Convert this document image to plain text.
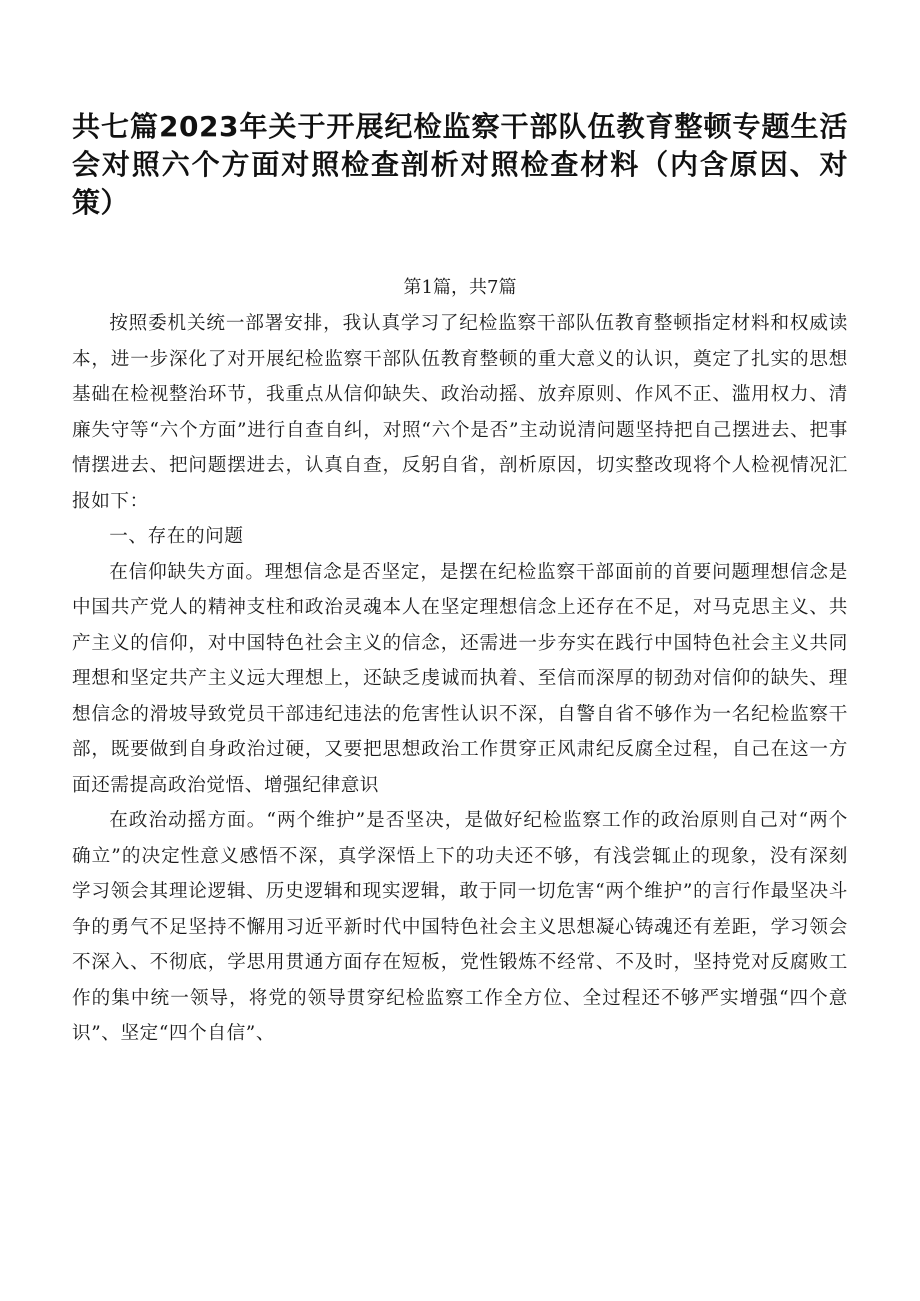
共七篇2023年关于开展纪检监察干部队伍教育整顿专题生活会对照六个方面对照检查剖析对照检查材料（内含原因、对策）

第1篇，共7篇

按照委机关统一部署安排，我认真学习了纪检监察干部队伍教育整顿指定材料和权威读本，进一步深化了对开展纪检监察干部队伍教育整顿的重大意义的认识，奠定了扎实的思想基础在检视整治环节，我重点从信仰缺失、政治动摇、放弃原则、作风不正、滥用权力、清廉失守等“六个方面”进行自查自纠，对照“六个是否”主动说清问题坚持把自己摆进去、把事情摆进去、把问题摆进去，认真自查，反躬自省，剖析原因，切实整改现将个人检视情况汇报如下：

一、存在的问题

在信仰缺失方面。理想信念是否坚定，是摆在纪检监察干部面前的首要问题理想信念是中国共产党人的精神支柱和政治灵魂本人在坚定理想信念上还存在不足，对马克思主义、共产主义的信仰，对中国特色社会主义的信念，还需进一步夯实在践行中国特色社会主义共同理想和坚定共产主义远大理想上，还缺乏虔诚而执着、至信而深厚的韧劲对信仰的缺失、理想信念的滑坡导致党员干部违纪违法的危害性认识不深，自警自省不够作为一名纪检监察干部，既要做到自身政治过硬，又要把思想政治工作贯穿正风肃纪反腐全过程，自己在这一方面还需提高政治觉悟、增强纪律意识

在政治动摇方面。“两个维护”是否坚决，是做好纪检监察工作的政治原则自己对“两个确立”的决定性意义感悟不深，真学深悟上下的功夫还不够，有浅尝辄止的现象，没有深刻学习领会其理论逻辑、历史逻辑和现实逻辑，敢于同一切危害“两个维护”的言行作最坚决斗争的勇气不足坚持不懈用习近平新时代中国特色社会主义思想凝心铸魂还有差距，学习领会不深入、不彻底，学思用贯通方面存在短板，党性锻炼不经常、不及时，坚持党对反腐败工作的集中统一领导，将党的领导贯穿纪检监察工作全方位、全过程还不够严实增强“四个意识”、坚定“四个自信”、
